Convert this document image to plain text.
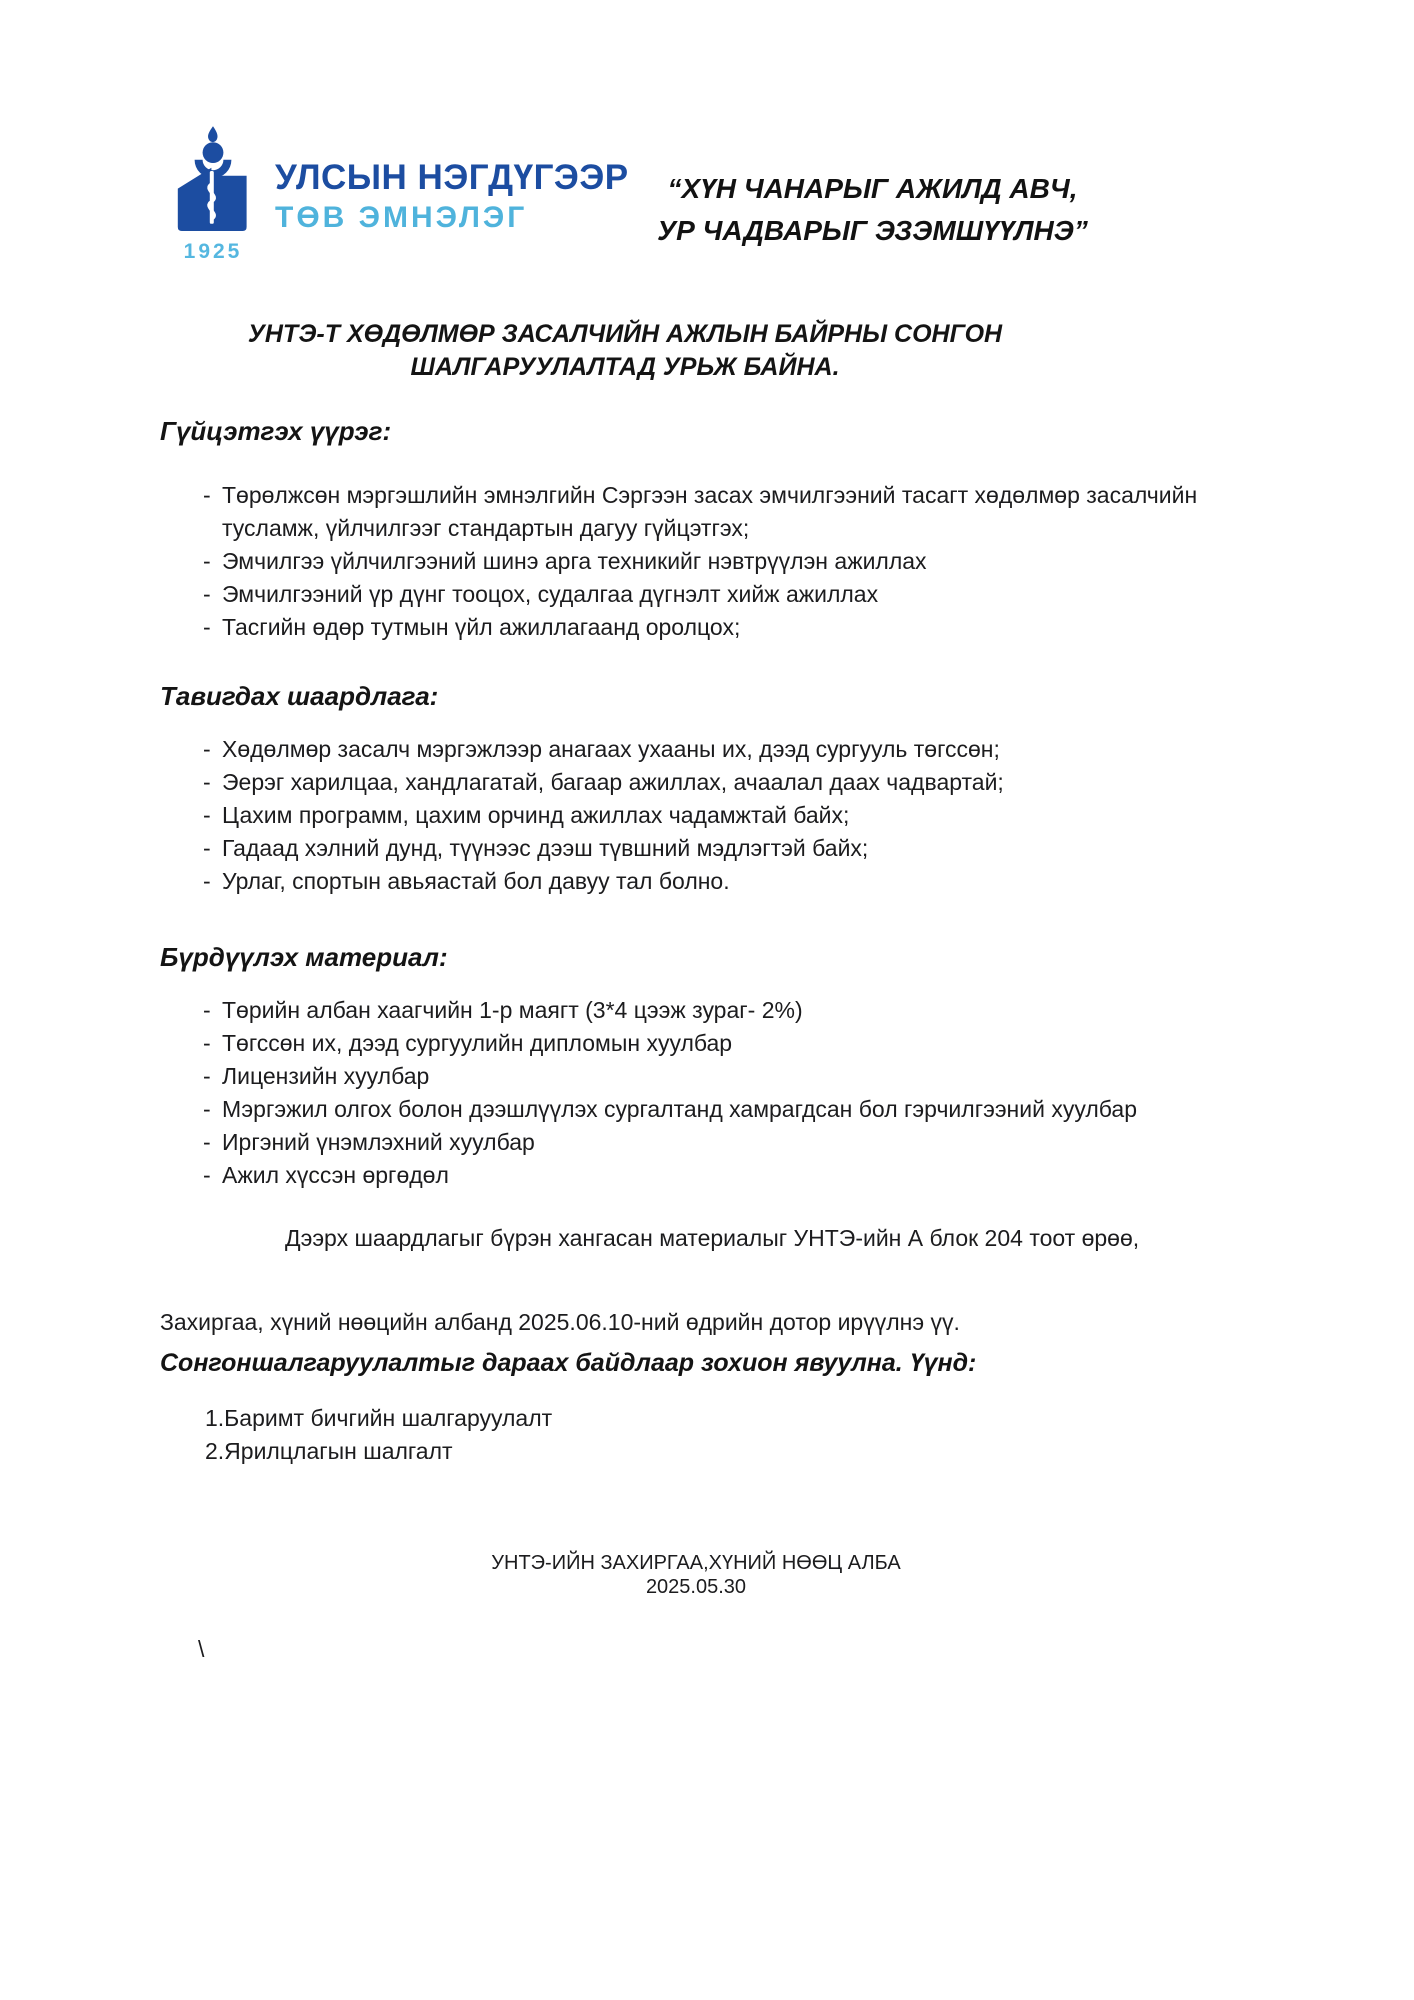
1925
УЛСЫН НЭГДҮГЭЭР
ТӨВ ЭМНЭЛЭГ
“ХҮН ЧАНАРЫГ АЖИЛД АВЧ,
УР ЧАДВАРЫГ ЭЗЭМШҮҮЛНЭ”
УНТЭ-Т ХӨДӨЛМӨР ЗАСАЛЧИЙН АЖЛЫН БАЙРНЫ СОНГОН
ШАЛГАРУУЛАЛТАД УРЬЖ БАЙНА.
Гүйцэтгэх үүрэг:
- Төрөлжсөн мэргэшлийн эмнэлгийн Сэргээн засах эмчилгээний тасагт хөдөлмөр засалчийн тусламж, үйлчилгээг стандартын дагуу гүйцэтгэх;
- Эмчилгээ үйлчилгээний шинэ арга техникийг нэвтрүүлэн ажиллах
- Эмчилгээний үр дүнг тооцох, судалгаа дүгнэлт хийж ажиллах
- Тасгийн өдөр тутмын үйл ажиллагаанд оролцох;
Тавигдах шаардлага:
- Хөдөлмөр засалч мэргэжлээр анагаах ухааны их, дээд сургууль төгссөн;
- Эерэг харилцаа, хандлагатай, багаар ажиллах, ачаалал даах чадвартай;
- Цахим программ, цахим орчинд ажиллах чадамжтай байх;
- Гадаад хэлний дунд, түүнээс дээш түвшний мэдлэгтэй байх;
- Урлаг, спортын авьяастай бол давуу тал болно.
Бүрдүүлэх материал:
- Төрийн албан хаагчийн 1-р маягт (3*4 цээж зураг- 2%)
- Төгссөн их, дээд сургуулийн дипломын хуулбар
- Лицензийн хуулбар
- Мэргэжил олгох болон дээшлүүлэх сургалтанд хамрагдсан бол гэрчилгээний хуулбар
- Иргэний үнэмлэхний хуулбар
- Ажил хүссэн өргөдөл
Дээрх шаардлагыг бүрэн хангасан материалыг УНТЭ-ийн А блок 204 тоот өрөө,
Захиргаа, хүний нөөцийн албанд 2025.06.10-ний өдрийн дотор ирүүлнэ үү.
Сонгоншалгаруулалтыг дараах байдлаар зохион явуулна. Үүнд:
1.Баримт бичгийн шалгаруулалт
2.Ярилцлагын шалгалт
УНТЭ-ИЙН ЗАХИРГАА,ХҮНИЙ НӨӨЦ АЛБА
2025.05.30
\
